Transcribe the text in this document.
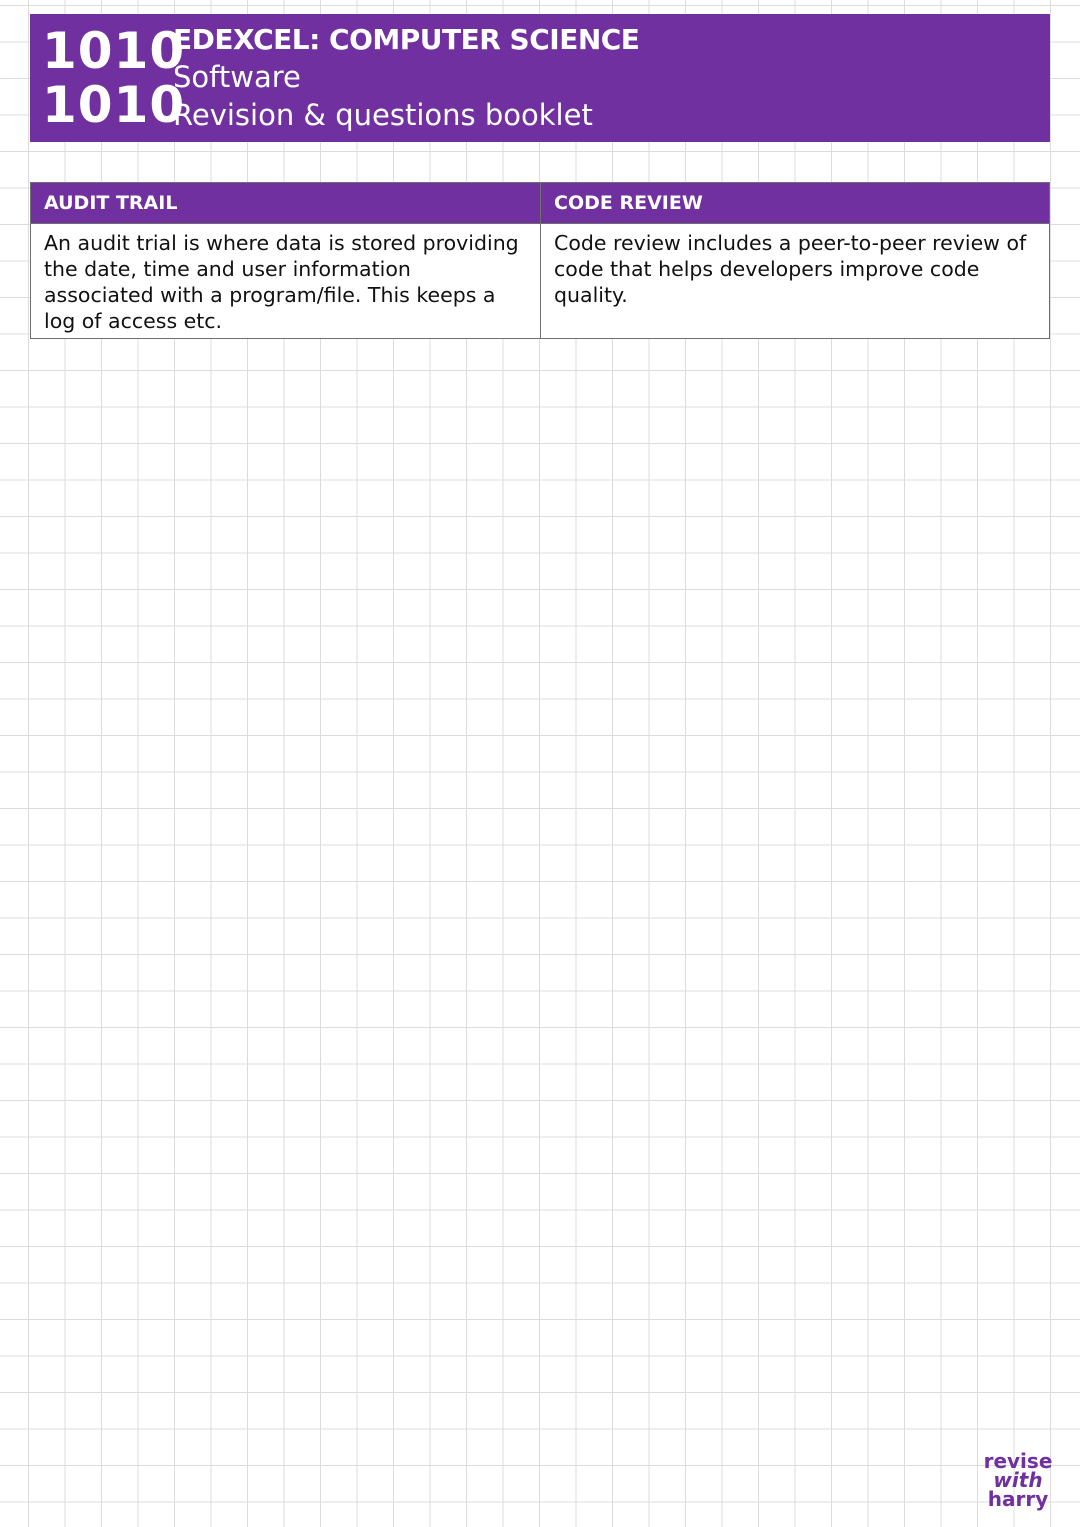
1010
1010
EDEXCEL: COMPUTER SCIENCE
Software
Revision & questions booklet
AUDIT TRAIL
An audit trial is where data is stored providing the date, time and user information associated with a program/file. This keeps a log of access etc.
CODE REVIEW
Code review includes a peer-to-peer review of code that helps developers improve code quality.
revise
with
harry
